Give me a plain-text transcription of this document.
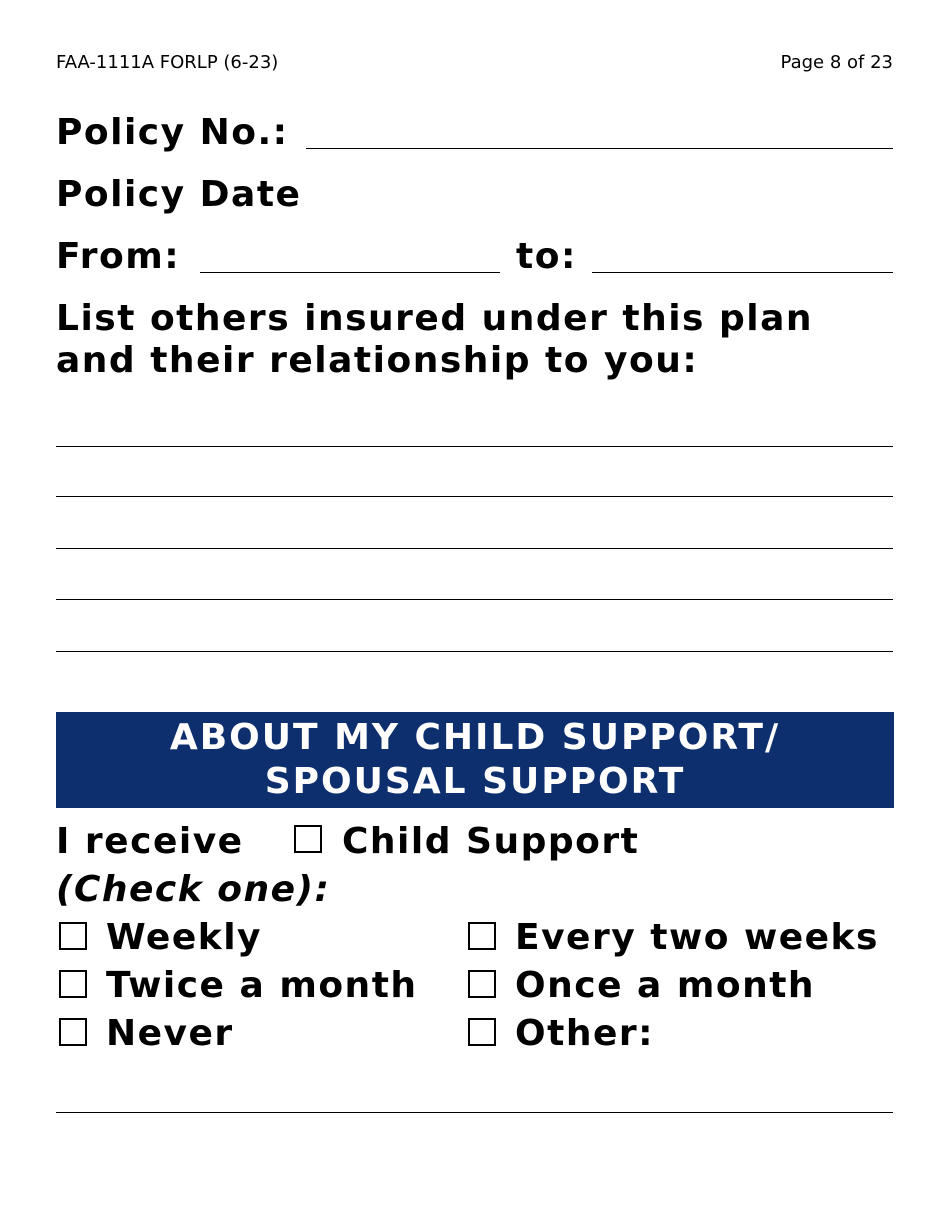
FAA-1111A FORLP (6-23)	Page 8 of 23
Policy No.:
Policy Date
From:	to:
List others insured under this plan
and their relationship to you:
ABOUT MY CHILD SUPPORT/
SPOUSAL SUPPORT
I receive	Child Support
(Check one):
Weekly	Every two weeks
Twice a month	Once a month
Never	Other:
